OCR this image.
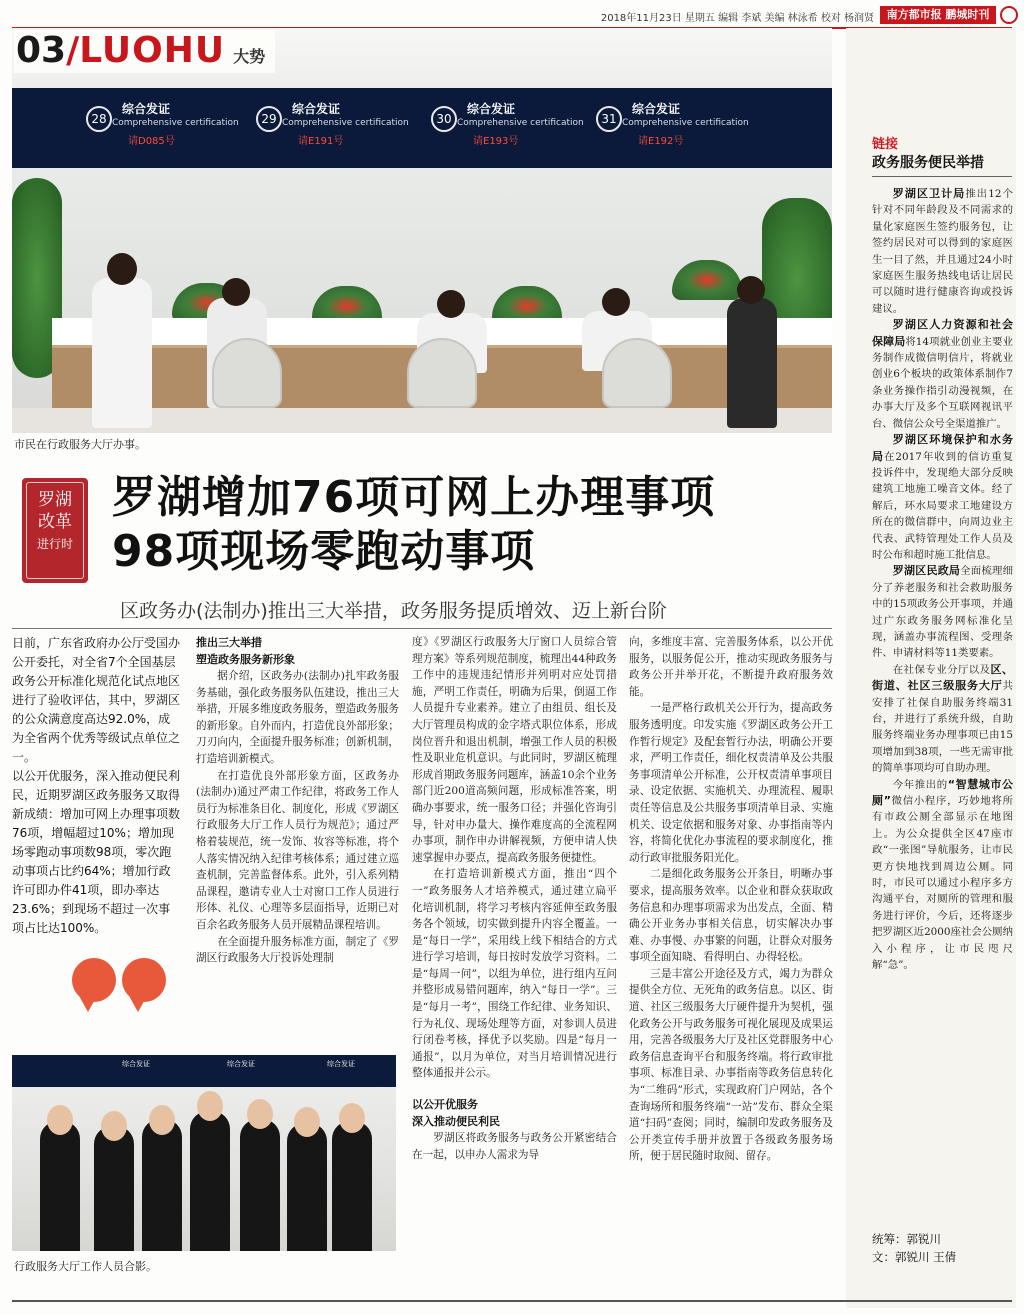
2018年11月23日 星期五 编辑 李斌 美编 林泳希 校对 杨润贤	南方都市报 鹏城时刊
28
综合发证
Comprehensive certification
请D085号
29
综合发证
Comprehensive certification
请E191号
30
综合发证
Comprehensive certification
请E193号
31
综合发证
Comprehensive certification
请E192号
市民在行政服务大厅办事。
罗湖
改革
进行时
罗湖增加76项可网上办理事项
98项现场零跑动事项
区政务办(法制办)推出三大举措，政务服务提质增效、迈上新台阶

日前，广东省政府办公厅受国办公开委托，对全省7个全国基层政务公开标准化规范化试点地区进行了验收评估，其中，罗湖区的公众满意度高达92.0%，成为全省两个优秀等级试点单位之一。

以公开优服务，深入推动便民利民，近期罗湖区政务服务又取得新成绩：增加可网上办理事项数76项，增幅超过10%；增加现场零跑动事项数98项，零次跑动事项占比约64%；增加行政许可即办件41项，即办率达23.6%；到现场不超过一次事项占比达100%。

推出三大举措
塑造政务服务新形象

据介绍，区政务办(法制办)扎牢政务服务基础，强化政务服务队伍建设，推出三大举措，开展多维度政务服务，塑造政务服务的新形象。自外而内，打造优良外部形象；刀刃向内，全面提升服务标准；创新机制，打造培训新模式。

在打造优良外部形象方面，区政务办(法制办)通过严肃工作纪律，将政务工作人员行为标准条目化、制度化，形成《罗湖区行政服务大厅工作人员行为规范》；通过严格着装规范，统一发饰、妆容等标准，将个人落实情况纳入纪律考核体系；通过建立巡查机制，完善监督体系。此外，引入系列精品课程，邀请专业人士对窗口工作人员进行形体、礼仪、心理等多层面指导，近期已对百余名政务服务人员开展精品课程培训。

在全面提升服务标准方面，制定了《罗湖区行政服务大厅投诉处理制

度》《罗湖区行政服务大厅窗口人员综合管理方案》等系列规范制度，梳理出44种政务工作中的违规违纪情形并列明对应处罚措施，严明工作责任，明确为后果，倒逼工作人员提升专业素养。建立了由组员、组长及大厅管理员构成的金字塔式职位体系，形成岗位晋升和退出机制，增强工作人员的积极性及职业危机意识。与此同时，罗湖区梳理形成首期政务服务问题库，涵盖10余个业务部门近200道高频问题，形成标准答案，明确办事要求，统一服务口径；并强化咨询引导，针对申办量大、操作难度高的全流程网办事项，制作申办讲解视频，方便申请人快速掌握申办要点，提高政务服务便捷性。

在打造培训新模式方面，推出“四个一”政务服务人才培养模式，通过建立扁平化培训机制，将学习考核内容延伸至政务服务各个领域，切实做到提升内容全覆盖。一是“每日一学”，采用线上线下相结合的方式进行学习培训，每日按时发放学习资料。二是“每周一问”，以组为单位，进行组内互问并整形成易错问题库，纳入“每日一学”。三是“每月一考”，围绕工作纪律、业务知识、行为礼仪、现场处理等方面，对参训人员进行闭卷考核，择优予以奖励。四是“每月一通报”，以月为单位，对当月培训情况进行整体通报并公示。

以公开优服务
深入推动便民利民

罗湖区将政务服务与政务公开紧密结合在一起，以申办人需求为导

向，多维度丰富、完善服务体系，以公开优服务，以服务促公开，推动实现政务服务与政务公开并举开花，不断提升政府服务效能。

一是严格行政机关公开行为，提高政务服务透明度。印发实施《罗湖区政务公开工作暂行规定》及配套暂行办法，明确公开要求，严明工作责任，细化权责清单及公共服务事项清单公开标准，公开权责清单事项目录、设定依据、实施机关、办理流程、履职责任等信息及公共服务事项清单目录、实施机关、设定依据和服务对象、办事指南等内容，将简化优化办事流程的要求制度化，推动行政审批服务阳光化。

二是细化政务服务公开条目，明晰办事要求，提高服务效率。以企业和群众获取政务信息和办理事项需求为出发点，全面、精确公开业务办事相关信息，切实解决办事难、办事慢、办事繁的问题，让群众对服务事项全面知晓、看得明白、办得轻松。

三是丰富公开途径及方式，竭力为群众提供全方位、无死角的政务信息。以区、街道、社区三级服务大厅硬件提升为契机，强化政务公开与政务服务可视化展现及成果运用，完善各级服务大厅及社区党群服务中心政务信息查询平台和服务终端。将行政审批事项、标准目录、办事指南等政务信息转化为“二维码”形式，实现政府门户网站，各个查询场所和服务终端“一站”发布、群众全渠道“扫码”查阅；同时，编制印发政务服务及公开类宣传手册并放置于各级政务服务场所，便于居民随时取阅、留存。

综合发证	综合发证	综合发证
行政服务大厅工作人员合影。
链接
政务服务便民举措

罗湖区卫计局推出12个针对不同年龄段及不同需求的量化家庭医生签约服务包，让签约居民对可以得到的家庭医生一目了然，并且通过24小时家庭医生服务热线电话让居民可以随时进行健康咨询或投诉建议。

罗湖区人力资源和社会保障局将14项就业创业主要业务制作成微信明信片，将就业创业6个板块的政策体系制作7条业务操作指引动漫视频，在办事大厅及多个互联网视讯平台、微信公众号全渠道推广。

罗湖区环境保护和水务局在2017年收到的信访重复投诉件中，发现绝大部分反映建筑工地施工噪音文体。经了解后，环水局要求工地建设方所在的微信群中，向周边业主代表、武特管理处工作人员及时公布和超时施工批信息。

罗湖区民政局全面梳理细分了养老服务和社会救助服务中的15项政务公开事项，并通过广东政务服务网标准化呈现，涵盖办事流程图、受理条件、申请材料等11类要素。

在社保专业分厅以及区、街道、社区三级服务大厅共安排了社保自助服务终端31台，并进行了系统升级，自助服务终端业务办理事项已由15项增加到38项，一些无需审批的简单事项均可自助办理。

今年推出的“智慧城市公厕”微信小程序，巧妙地将所有市政公厕全部显示在地图上。为公众提供全区47座市政“一张图”导航服务，让市民更方快地找到周边公厕。同时，市民可以通过小程序多方沟通平台，对厕所的管理和服务进行评价，今后，还将逐步把罗湖区近2000座社会公厕纳入小程序，让市民咫尺解“急”。

统筹：郭锐川
文：郭锐川 王倩
03/LUOHU 大势
